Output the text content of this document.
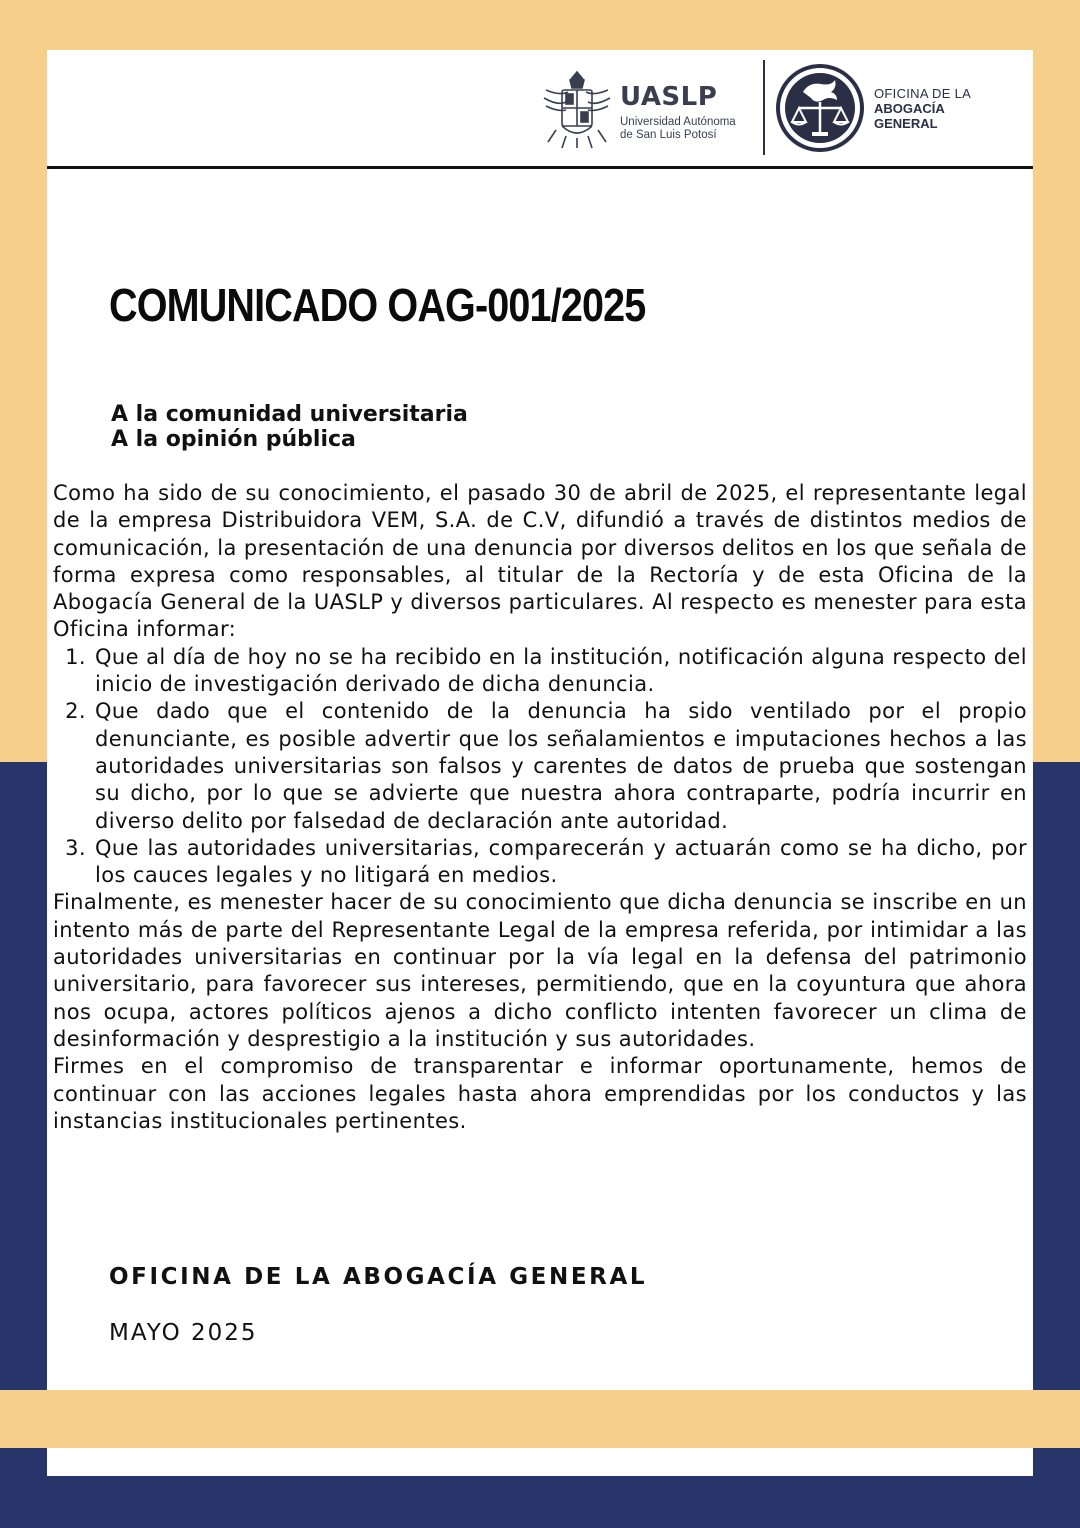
UASLP
Universidad Autónoma
de San Luis Potosí
OFICINA DE LA
ABOGACÍA
GENERAL
COMUNICADO OAG-001/2025
A la comunidad universitaria
A la opinión pública

Como ha sido de su conocimiento, el pasado 30 de abril de 2025, el representante legal de la empresa Distribuidora VEM, S.A. de C.V, difundió a través de distintos medios de comunicación, la presentación de una denuncia por diversos delitos en los que señala de forma expresa como responsables, al titular de la Rectoría y de esta Oficina de la Abogacía General de la UASLP y diversos particulares. Al respecto es menester para esta Oficina informar:

1. Que al día de hoy no se ha recibido en la institución, notificación alguna respecto del inicio de investigación derivado de dicha denuncia.
2. Que dado que el contenido de la denuncia ha sido ventilado por el propio denunciante, es posible advertir que los señalamientos e imputaciones hechos a las autoridades universitarias son falsos y carentes de datos de prueba que sostengan su dicho, por lo que se advierte que nuestra ahora contraparte, podría incurrir en diverso delito por falsedad de declaración ante autoridad.
3. Que las autoridades universitarias, comparecerán y actuarán como se ha dicho, por los cauces legales y no litigará en medios.

Finalmente, es menester hacer de su conocimiento que dicha denuncia se inscribe en un intento más de parte del Representante Legal de la empresa referida, por intimidar a las autoridades universitarias en continuar por la vía legal en la defensa del patrimonio universitario, para favorecer sus intereses, permitiendo, que en la coyuntura que ahora nos ocupa, actores políticos ajenos a dicho conflicto intenten favorecer un clima de desinformación y desprestigio a la institución y sus autoridades.

Firmes en el compromiso de transparentar e informar oportunamente, hemos de continuar con las acciones legales hasta ahora emprendidas por los conductos y las instancias institucionales pertinentes.

OFICINA DE LA ABOGACÍA GENERAL
MAYO 2025
